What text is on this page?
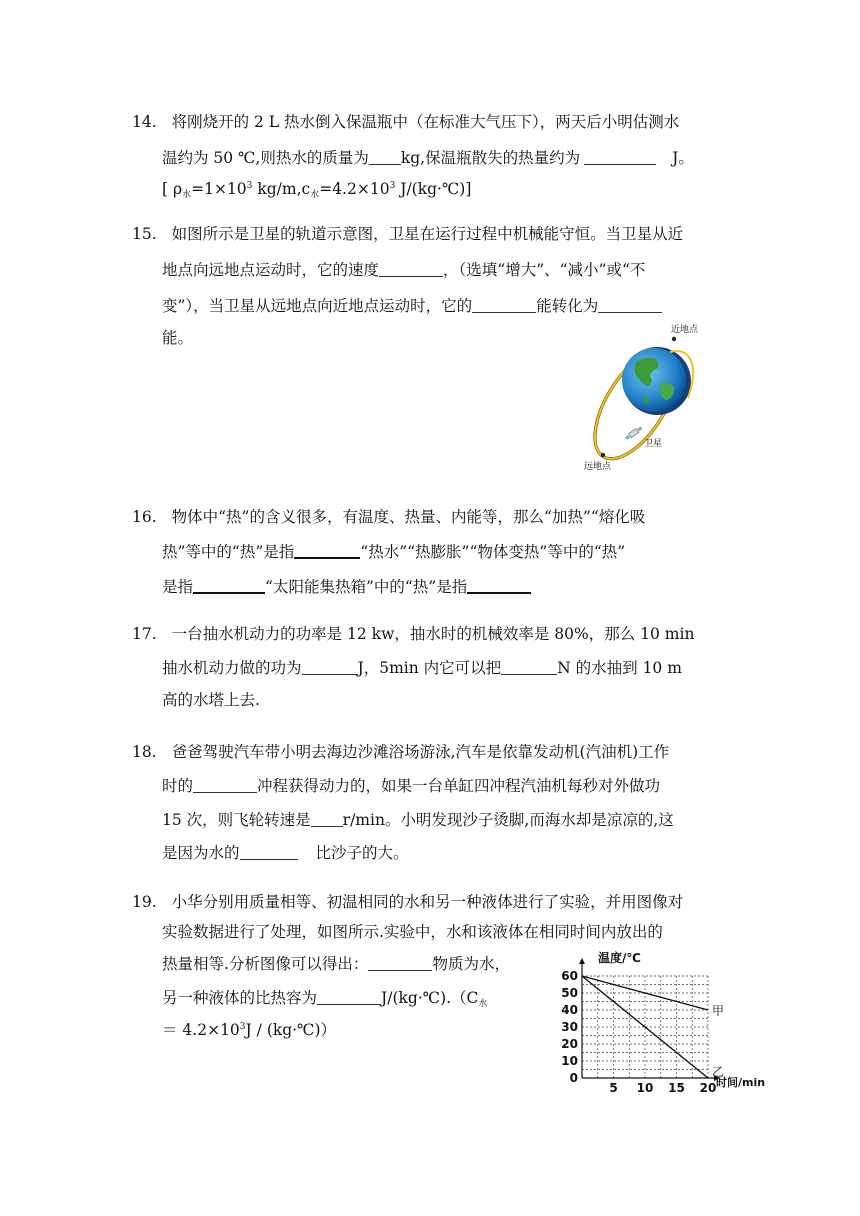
14. 将刚烧开的 2 L 热水倒入保温瓶中（在标准大气压下），两天后小明估测水
温约为 50 ℃,则热水的质量为 kg,保温瓶散失的热量约为	J。
[ $\rho_水=1\times 10^3$ $kg/m,c_水=4.2\times 10^3$ J/(kg·℃)]
15. 如图所示是卫星的轨道示意图，卫星在运行过程中机械能守恒。当卫星从近
地点向远地点运动时，它的速度	，（选填“增大”、“减小”或“不
变”），当卫星从远地点向近地点运动时，它的	能转化为
能。	近地点
卫星
远地点
16. 物体中“热”的含义很多，有温度、热量、内能等，那么“加热”“熔化吸
热”等中的“热”是指	“热水”“热膨胀”“物体变热”等中的“热”
是指	“太阳能集热箱”中的“热”是指
17. 一台抽水机动力的功率是 12 kw，抽水时的机械效率是 80%，那么 10 min
抽水机动力做的功为	J，5min 内它可以把	N 的水抽到 10 m
高的水塔上去.
18. 爸爸驾驶汽车带小明去海边沙滩浴场游泳,汽车是依靠发动机(汽油机)工作
时的	冲程获得动力的，如果一台单缸四冲程汽油机每秒对外做功
15 次，则飞轮转速是 r/min。小明发现沙子烫脚,而海水却是凉凉的,这
是因为水的	比沙子的大。
19. 小华分别用质量相等、初温相同的水和另一种液体进行了实验，并用图像对
实验数据进行了处理，如图所示.实验中，水和该液体在相同时间内放出的
热量相等.分析图像可以得出：	物质为水，
另一种液体的比热容为	$J/(kg\cdot℃).(C_水$
＝ $4.2\times 10^3J$ / (kg·℃)）
0
10
20
30
40
50
60
5 10 15 20
甲
乙
温度/℃
时间/min
